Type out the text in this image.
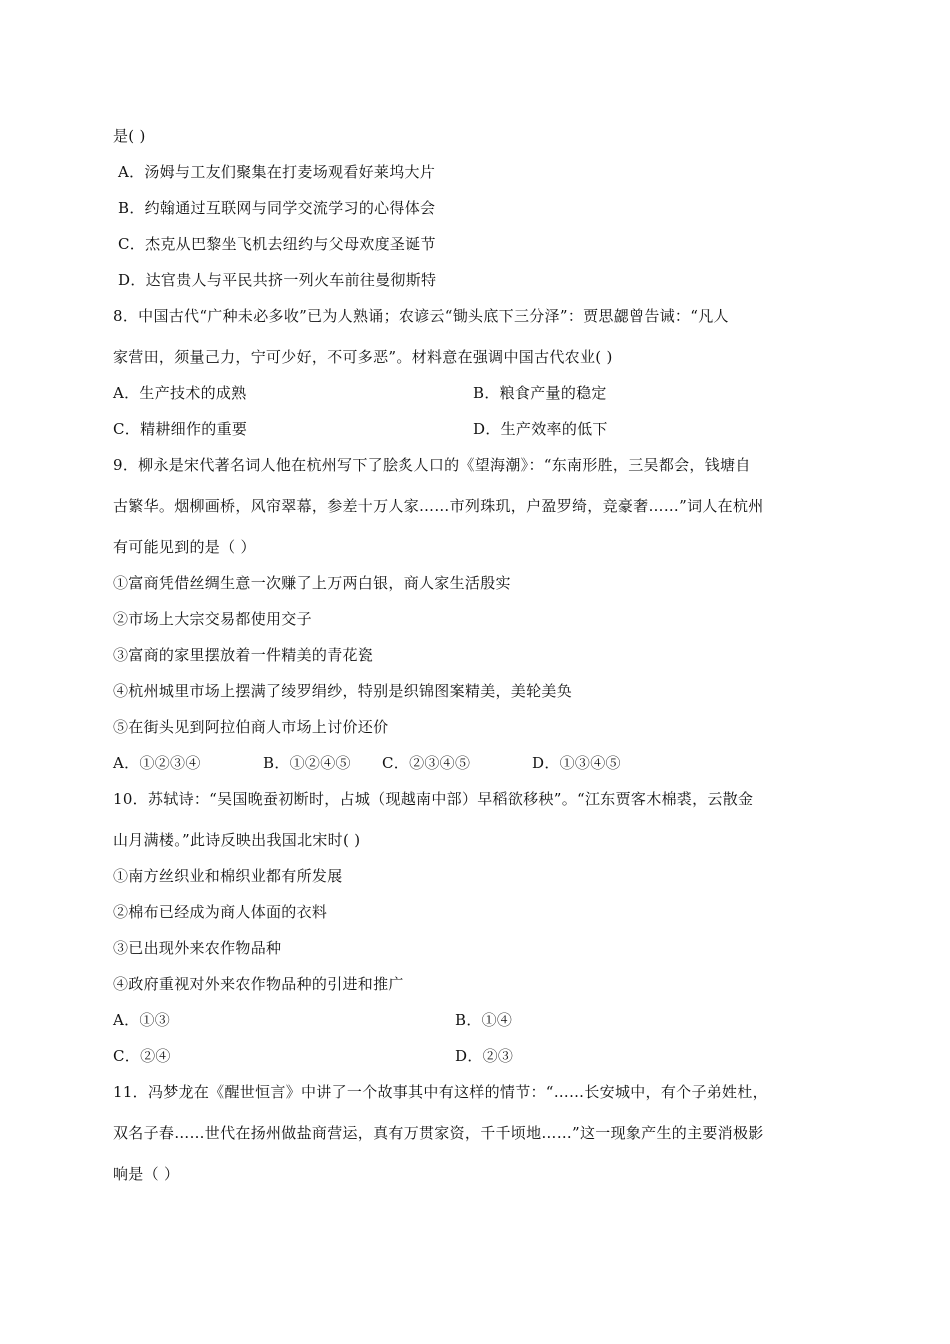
是( )
A．汤姆与工友们聚集在打麦场观看好莱坞大片
B．约翰通过互联网与同学交流学习的心得体会
C．杰克从巴黎坐飞机去纽约与父母欢度圣诞节
D．达官贵人与平民共挤一列火车前往曼彻斯特
8．中国古代“广种未必多收”已为人熟诵；农谚云“锄头底下三分泽”：贾思勰曾告诫：“凡人
家营田，须量己力，宁可少好，不可多恶”。材料意在强调中国古代农业( )
A．生产技术的成熟	B．粮食产量的稳定
C．精耕细作的重要	D．生产效率的低下
9．柳永是宋代著名词人他在杭州写下了脍炙人口的《望海潮》：“东南形胜，三吴都会，钱塘自
古繁华。烟柳画桥，风帘翠幕，参差十万人家……市列珠玑，户盈罗绮，竞豪奢……”词人在杭州
有可能见到的是（ ）
①富商凭借丝绸生意一次赚了上万两白银，商人家生活殷实
②市场上大宗交易都使用交子
③富商的家里摆放着一件精美的青花瓷
④杭州城里市场上摆满了绫罗绢纱，特别是织锦图案精美，美轮美奂
⑤在街头见到阿拉伯商人市场上讨价还价
A．①②③④	B．①②④⑤ C．②③④⑤	D．①③④⑤
10．苏轼诗：“吴国晚蚕初断时，占城（现越南中部）早稻欲移秧”。“江东贾客木棉裘，云散金
山月满楼。”此诗反映出我国北宋时( )
①南方丝织业和棉织业都有所发展
②棉布已经成为商人体面的衣料
③已出现外来农作物品种
④政府重视对外来农作物品种的引进和推广
A．①③	B．①④
C．②④	D．②③
11．冯梦龙在《醒世恒言》中讲了一个故事其中有这样的情节：“……长安城中，有个子弟姓杜，
双名子春……世代在扬州做盐商营运，真有万贯家资，千千顷地……”这一现象产生的主要消极影
响是（ ）
